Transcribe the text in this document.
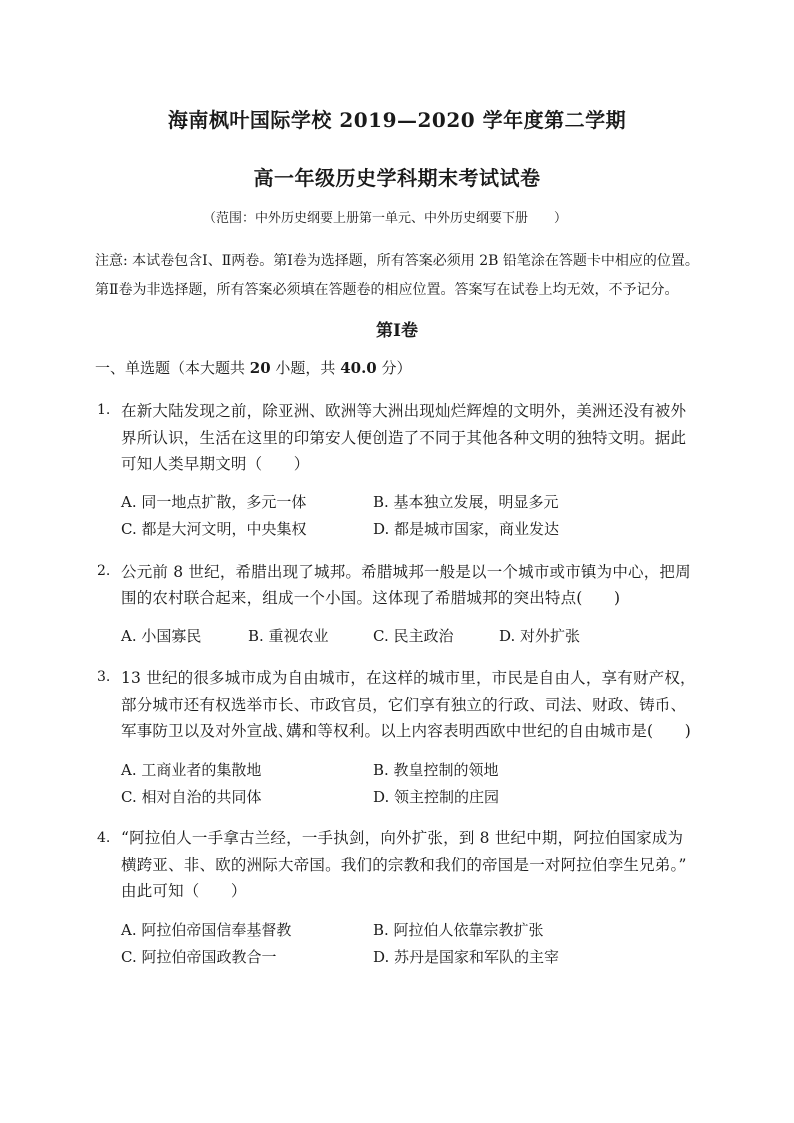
海南枫叶国际学校 2019—2020 学年度第二学期
高一年级历史学科期末考试试卷
（范围：中外历史纲要上册第一单元、中外历史纲要下册　　）
注意: 本试卷包含Ⅰ、Ⅱ两卷。第Ⅰ卷为选择题，所有答案必须用 2B 铅笔涂在答题卡中相应的位置。
第Ⅱ卷为非选择题，所有答案必须填在答题卷的相应位置。答案写在试卷上均无效，不予记分。
第Ⅰ卷
一、单选题（本大题共 20 小题，共 40.0 分）
1. 在新大陆发现之前，除亚洲、欧洲等大洲出现灿烂辉煌的文明外，美洲还没有被外
界所认识，生活在这里的印第安人便创造了不同于其他各种文明的独特文明。据此
可知人类早期文明（　　）
A. 同一地点扩散，多元一体	B. 基本独立发展，明显多元
C. 都是大河文明，中央集权	D. 都是城市国家，商业发达
2. 公元前 8 世纪，希腊出现了城邦。希腊城邦一般是以一个城市或市镇为中心，把周
围的农村联合起来，组成一个小国。这体现了希腊城邦的突出特点(　　)
A. 小国寡民	B. 重视农业	C. 民主政治	D. 对外扩张
3. 13 世纪的很多城市成为自由城市，在这样的城市里，市民是自由人，享有财产权，
部分城市还有权选举市长、市政官员，它们享有独立的行政、司法、财政、铸币、
军事防卫以及对外宣战､媾和等权利。以上内容表明西欧中世纪的自由城市是(　　)
A. 工商业者的集散地	B. 教皇控制的领地
C. 相对自治的共同体	D. 领主控制的庄园
4. “阿拉伯人一手拿古兰经，一手执剑，向外扩张，到 8 世纪中期，阿拉伯国家成为
横跨亚、非、欧的洲际大帝国。我们的宗教和我们的帝国是一对阿拉伯孪生兄弟。”
由此可知（　　）
A. 阿拉伯帝国信奉基督教	B. 阿拉伯人依靠宗教扩张
C. 阿拉伯帝国政教合一	D. 苏丹是国家和军队的主宰
